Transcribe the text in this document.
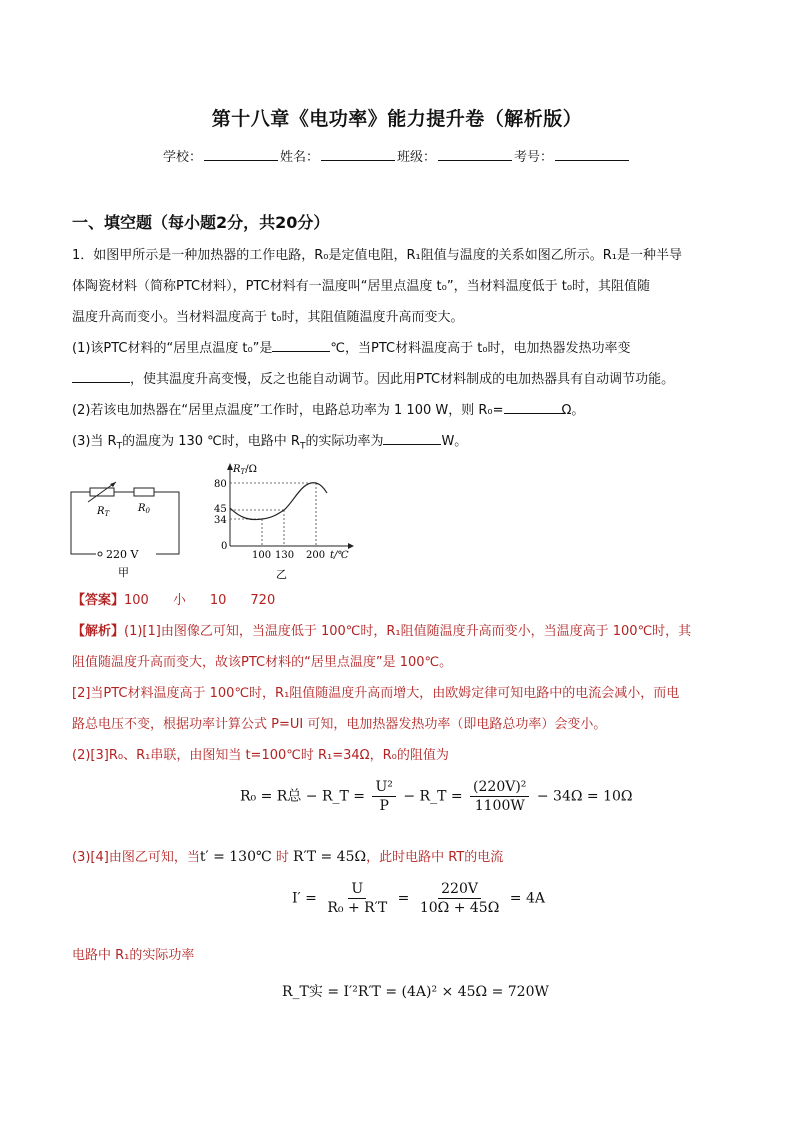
第十八章《电功率》能力提升卷（解析版）
学校：	姓名：	班级：	考号：
一、填空题（每小题2分，共20分）
1．如图甲所示是一种加热器的工作电路，R₀是定值电阻，R₁阻值与温度的关系如图乙所示。R₁是一种半导
体陶瓷材料（简称PTC材料），PTC材料有一温度叫“居里点温度 t₀”，当材料温度低于 t₀时，其阻值随
温度升高而变小。当材料温度高于 t₀时，其阻值随温度升高而变大。
(1)该PTC材料的“居里点温度 t₀”是	℃，当PTC材料温度高于 t₀时，电加热器发热功率变
，使其温度升高变慢，反之也能自动调节。因此用PTC材料制成的电加热器具有自动调节功能。
(2)若该电加热器在“居里点温度”工作时，电路总功率为 1 100 W，则 R₀=	Ω。
(3)当 $R_T$的温度为 130 ℃时，电路中 $R_T$的实际功率为	W。
$R_T$	$R_0$
220 V
甲
$R_T/\Omega$
80
45
34
0
100 130 200 t/℃
乙
【答案】100 小 10 720
【解析】(1)[1]由图像乙可知，当温度低于 100℃时，R₁阻值随温度升高而变小，当温度高于 100℃时，其
阻值随温度升高而变大，故该PTC材料的“居里点温度”是 100℃。
[2]当PTC材料温度高于 100℃时，R₁阻值随温度升高而增大，由欧姆定律可知电路中的电流会减小，而电
路总电压不变，根据功率计算公式 P=UI 可知，电加热器发热功率（即电路总功率）会变小。
(2)[3]R₀、R₁串联，由图知当 t=100℃时 R₁=34Ω，R₀的阻值为
R₀ = R总 − R_T = $\frac{\text{U²}}{P}$ − R_T = $\frac{\text{(220V)²}}{1100W} - 34\Omega = 10\Omega$
(3)[4]由图乙可知，当t′ = 130℃ 时 R′T = 45Ω，此时电路中 RT的电流
$I' = \frac{U}{\text{R₀ + R′T}} = \frac{220V}{10\Omega + 45\Omega} = 4A$
电路中 R₁的实际功率
R_T实 = I′²R′T = (4A)² × 45Ω = 720W
